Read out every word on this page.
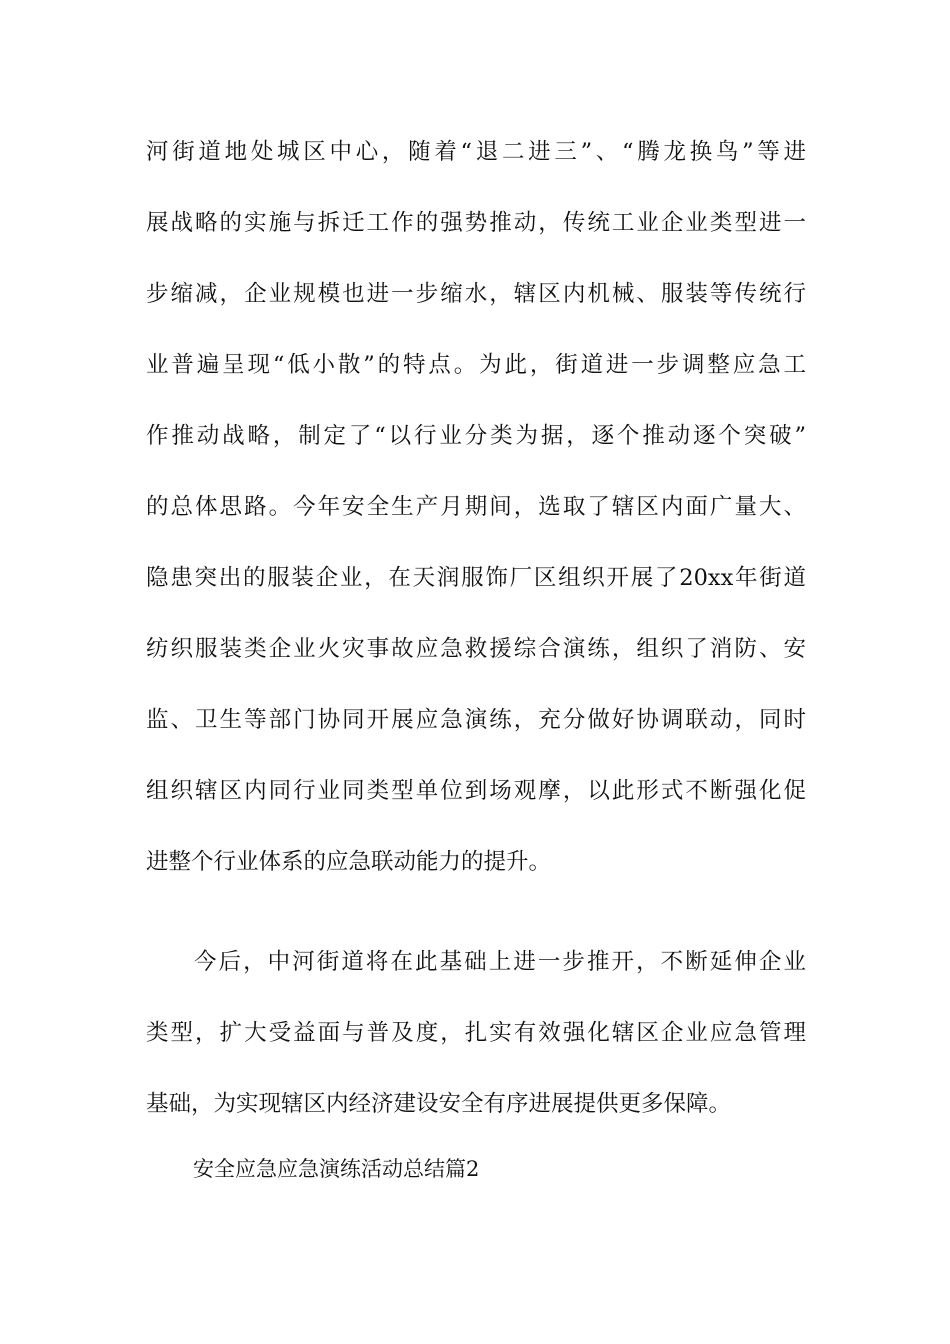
河街道地处城区中心，随着“退二进三”、“腾龙换鸟”等进
展战略的实施与拆迁工作的强势推动，传统工业企业类型进一
步缩减，企业规模也进一步缩水，辖区内机械、服装等传统行
业普遍呈现“低小散”的特点。为此，街道进一步调整应急工
作推动战略，制定了“以行业分类为据，逐个推动逐个突破”
的总体思路。今年安全生产月期间，选取了辖区内面广量大、
隐患突出的服装企业，在天润服饰厂区组织开展了20xx年街道
纺织服装类企业火灾事故应急救援综合演练，组织了消防、安
监、卫生等部门协同开展应急演练，充分做好协调联动，同时
组织辖区内同行业同类型单位到场观摩，以此形式不断强化促
进整个行业体系的应急联动能力的提升。
今后，中河街道将在此基础上进一步推开，不断延伸企业
类型，扩大受益面与普及度，扎实有效强化辖区企业应急管理
基础，为实现辖区内经济建设安全有序进展提供更多保障。
安全应急应急演练活动总结篇2
